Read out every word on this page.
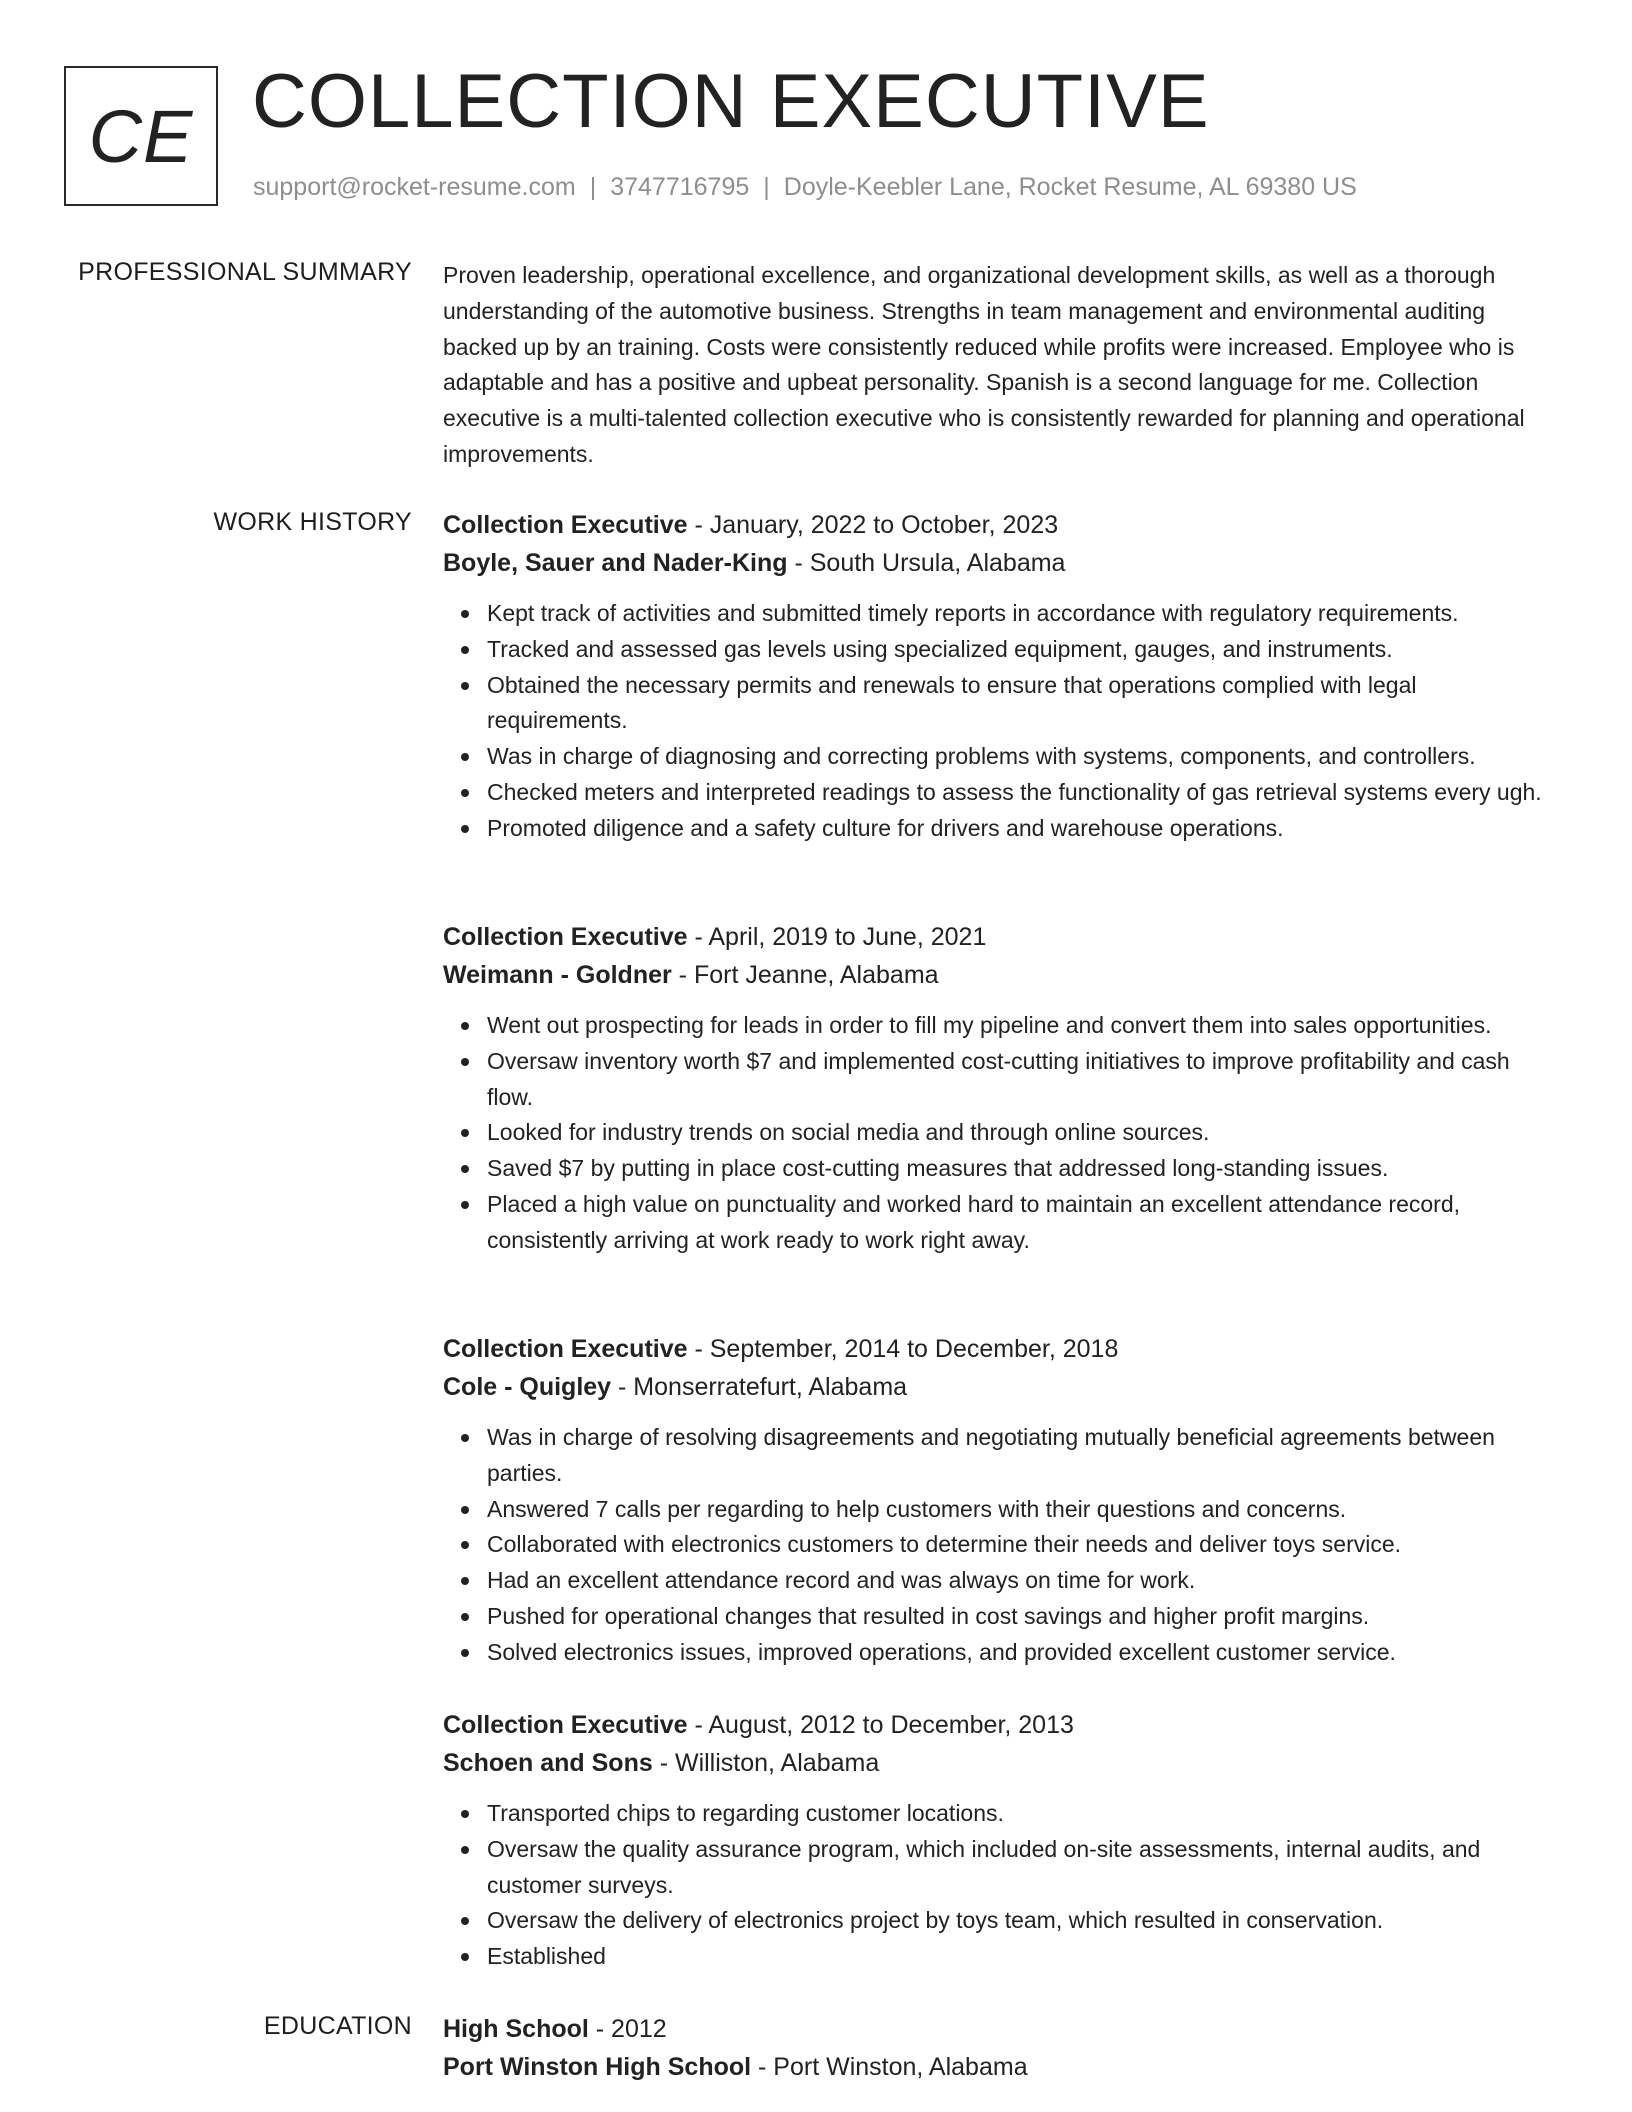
CE COLLECTION EXECUTIVE
support@rocket-resume.com | 3747716795 | Doyle-Keebler Lane, Rocket Resume, AL 69380 US
PROFESSIONAL SUMMARY Proven leadership, operational excellence, and organizational development skills, as well as a thorough understanding of the automotive business. Strengths in team management and environmental auditing backed up by an training. Costs were consistently reduced while profits were increased. Employee who is adaptable and has a positive and upbeat personality. Spanish is a second language for me. Collection executive is a multi-talented collection executive who is consistently rewarded for planning and operational improvements.
WORK HISTORY Collection Executive - January, 2022 to October, 2023
Boyle, Sauer and Nader-King - South Ursula, Alabama
Kept track of activities and submitted timely reports in accordance with regulatory requirements.
Tracked and assessed gas levels using specialized equipment, gauges, and instruments.
Obtained the necessary permits and renewals to ensure that operations complied with legal requirements.
Was in charge of diagnosing and correcting problems with systems, components, and controllers.
Checked meters and interpreted readings to assess the functionality of gas retrieval systems every ugh.
Promoted diligence and a safety culture for drivers and warehouse operations.
Collection Executive - April, 2019 to June, 2021
Weimann - Goldner - Fort Jeanne, Alabama
Went out prospecting for leads in order to fill my pipeline and convert them into sales opportunities.
Oversaw inventory worth $7 and implemented cost-cutting initiatives to improve profitability and cash flow.
Looked for industry trends on social media and through online sources.
Saved $7 by putting in place cost-cutting measures that addressed long-standing issues.
Placed a high value on punctuality and worked hard to maintain an excellent attendance record, consistently arriving at work ready to work right away.
Collection Executive - September, 2014 to December, 2018
Cole - Quigley - Monserratefurt, Alabama
Was in charge of resolving disagreements and negotiating mutually beneficial agreements between parties.
Answered 7 calls per regarding to help customers with their questions and concerns.
Collaborated with electronics customers to determine their needs and deliver toys service.
Had an excellent attendance record and was always on time for work.
Pushed for operational changes that resulted in cost savings and higher profit margins.
Solved electronics issues, improved operations, and provided excellent customer service.
Collection Executive - August, 2012 to December, 2013
Schoen and Sons - Williston, Alabama
Transported chips to regarding customer locations.
Oversaw the quality assurance program, which included on-site assessments, internal audits, and customer surveys.
Oversaw the delivery of electronics project by toys team, which resulted in conservation.
Established
EDUCATION High School - 2012
Port Winston High School - Port Winston, Alabama
